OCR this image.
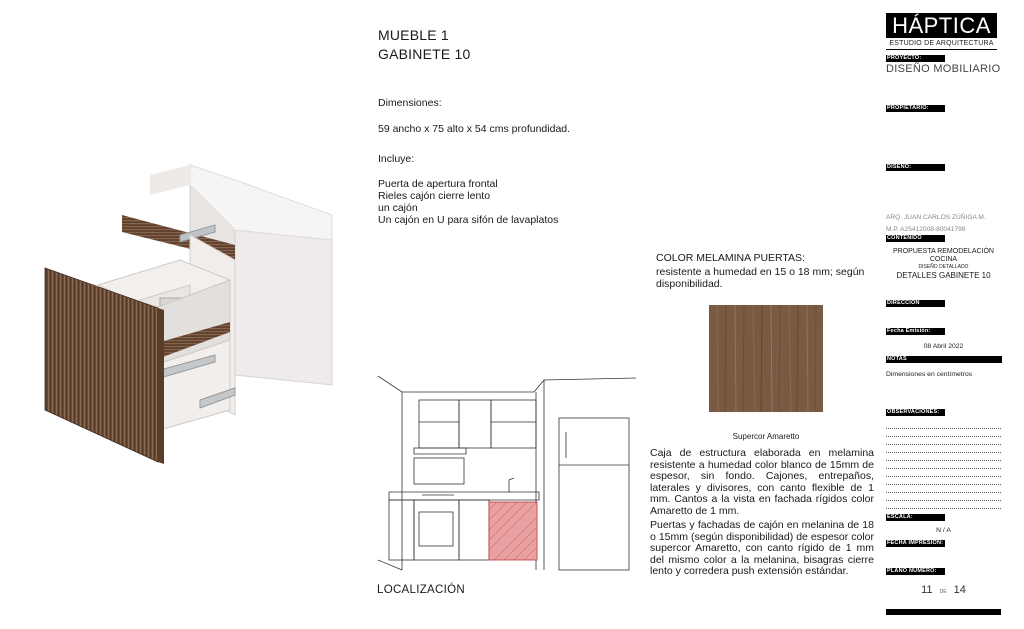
MUEBLE 1
GABINETE 10
Dimensiones:
59 ancho x 75 alto x 54 cms profundidad.
Incluye:
Puerta de apertura frontal
Rieles cajón cierre lento
un cajón
Un cajón en U para sifón de lavaplatos
LOCALIZACIÓN
COLOR MELAMINA PUERTAS:
resistente a humedad en 15 o 18 mm; según disponibilidad.
Supercor Amaretto
Caja de estructura elaborada en melamina resistente a humedad color blanco de 15mm de espesor, sin fondo. Cajones, entrepaños, laterales y divisores, con canto flexible de 1 mm. Cantos a la vista en fachada rígidos color Amaretto de 1 mm.
Puertas y fachadas de cajón en melanina de 18 o 15mm (según disponibilidad) de espesor color supercor Amaretto, con canto rígido de 1 mm del mismo color a la melanina, bisagras cierre lento y corredera push extensión estándar.
HÁPTICA
ESTUDIO DE ARQUITECTURA
PROYECTO:
DISEÑO MOBILIARIO
PROPIETARIO:
DISEÑO:
ARQ. JUAN CARLOS ZÚÑIGA M.
M.P. A25412008-80041798
CONTENIDO PLANO:
PROPUESTA REMODELACIÓN
COCINA
DISEÑO DETALLADO
DETALLES GABINETE 10
DIRECCIÓN PREDIO:
Fecha Emisión:
08 Abril 2022
NOTAS
Dimensiones en centímetros
OBSERVACIONES:
ESCALA:
N / A
FECHA IMPRESIÓN:
PLANO NÚMERO:
11 DE 14
